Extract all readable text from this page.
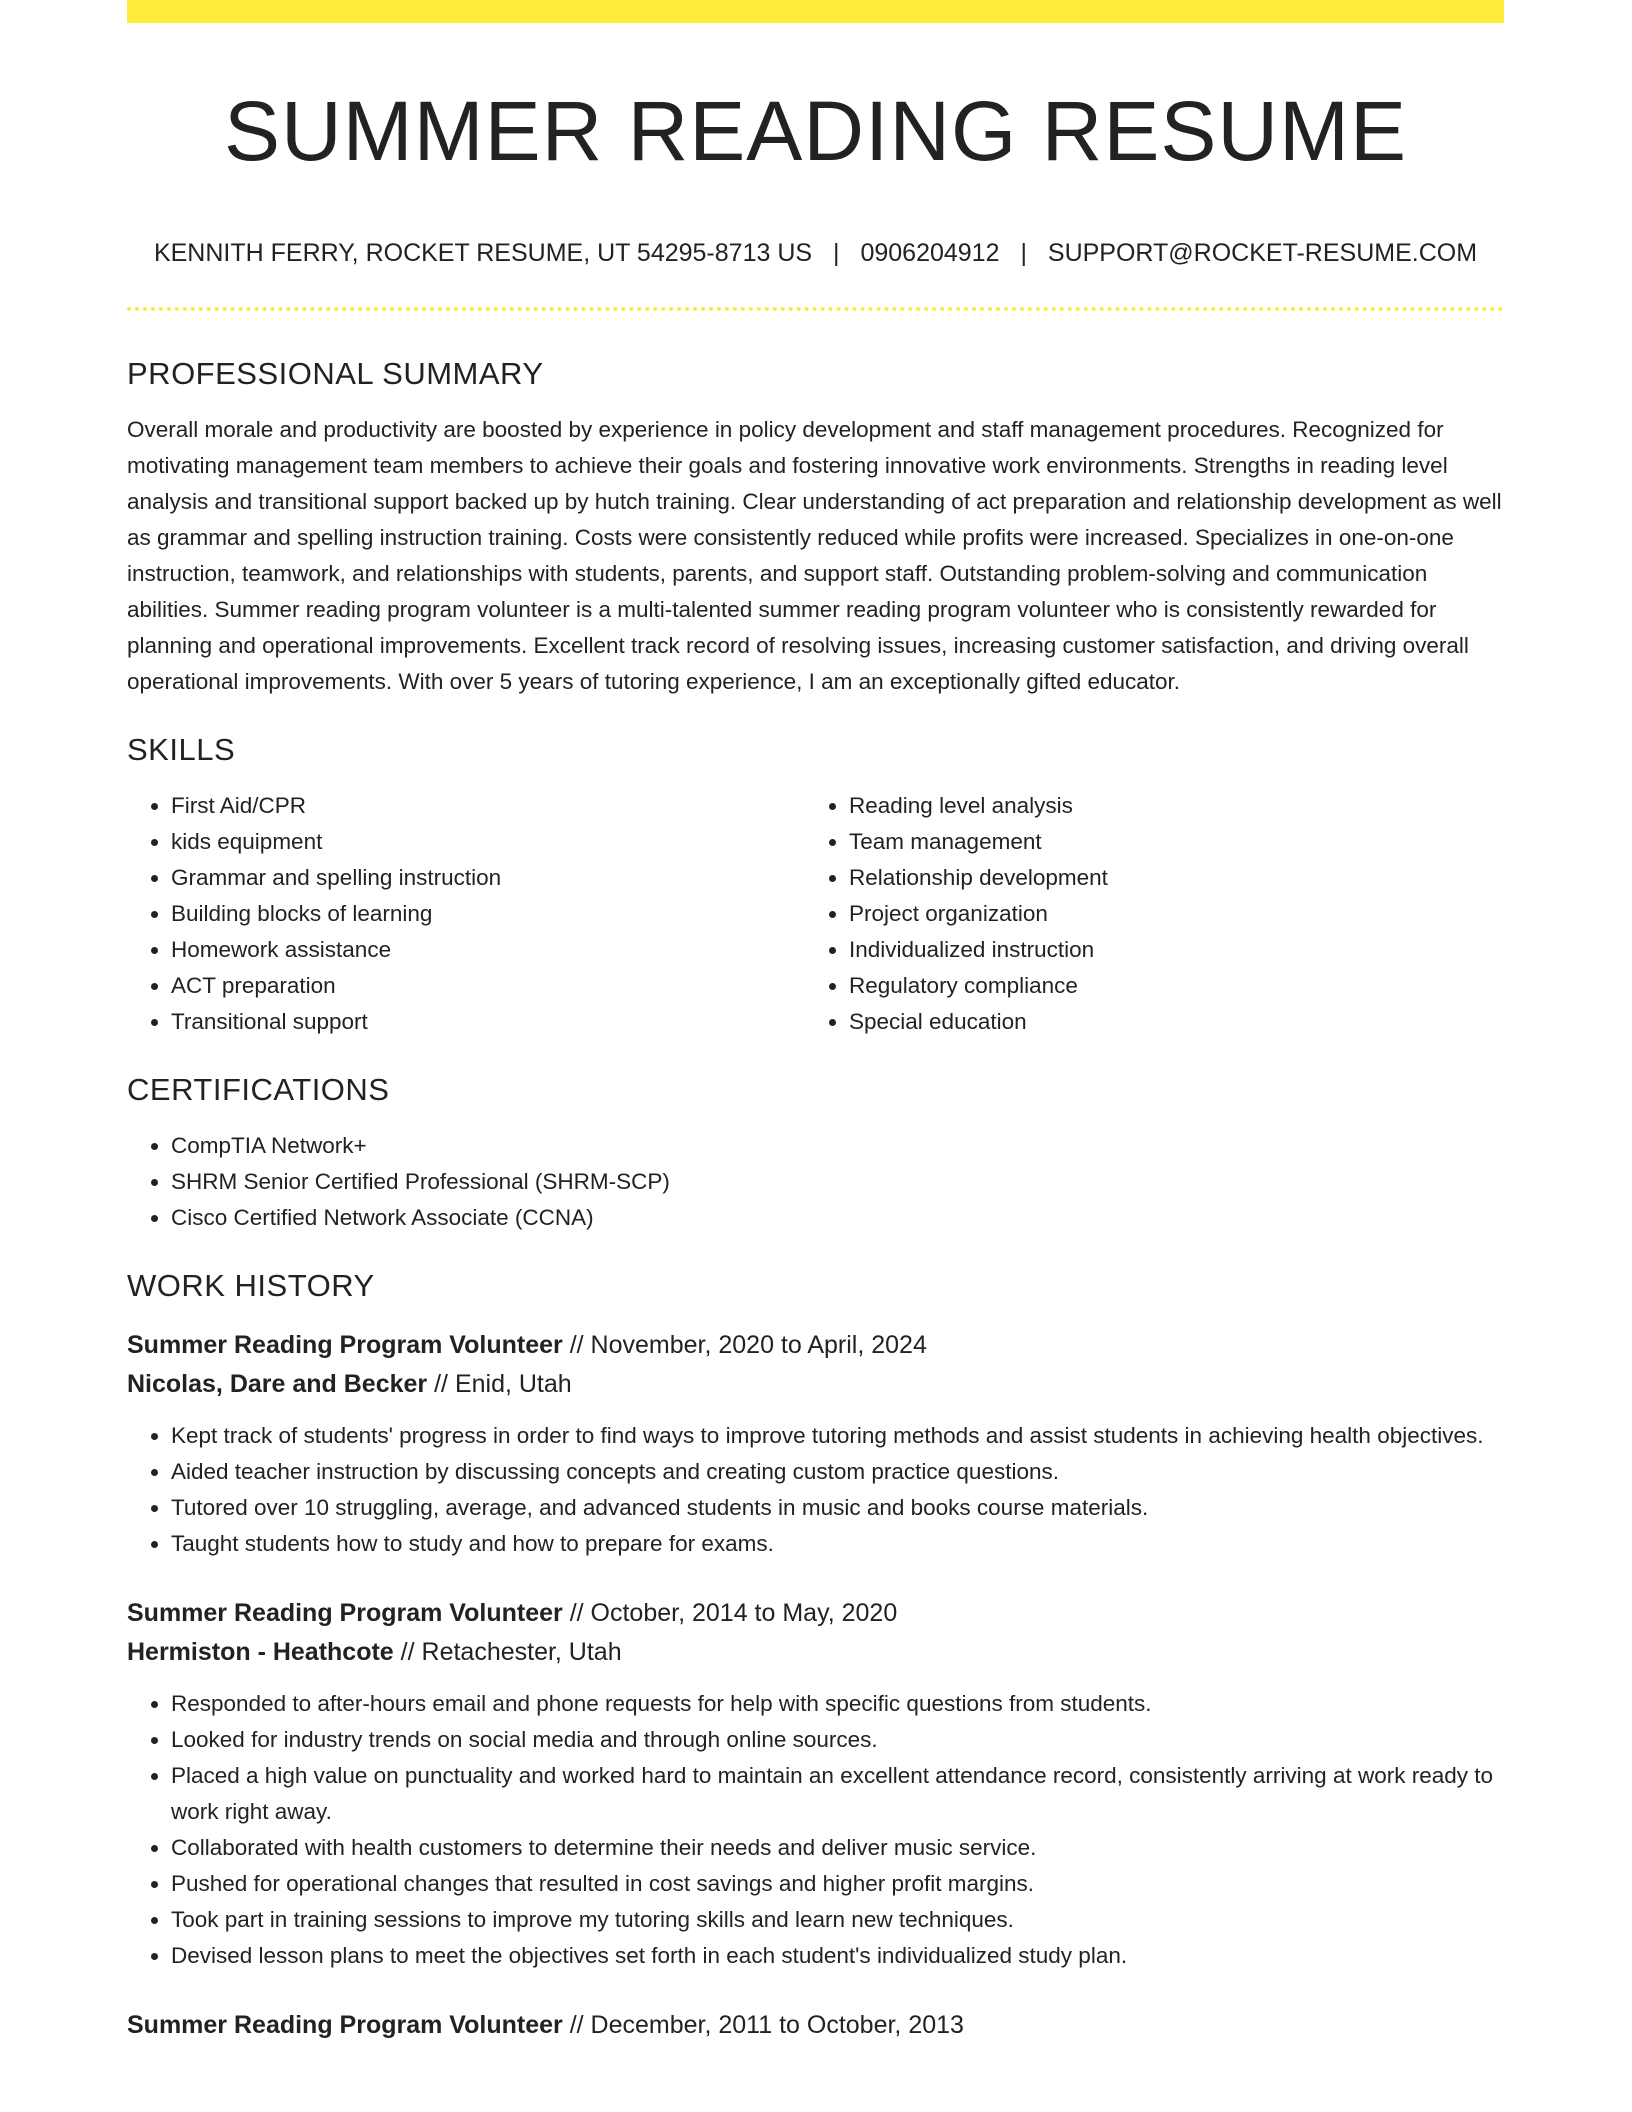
SUMMER READING RESUME
KENNITH FERRY, ROCKET RESUME, UT 54295-8713 US | 0906204912 | SUPPORT@ROCKET-RESUME.COM
PROFESSIONAL SUMMARY

Overall morale and productivity are boosted by experience in policy development and staff management procedures. Recognized for motivating management team members to achieve their goals and fostering innovative work environments. Strengths in reading level analysis and transitional support backed up by hutch training. Clear understanding of act preparation and relationship development as well as grammar and spelling instruction training. Costs were consistently reduced while profits were increased. Specializes in one-on-one instruction, teamwork, and relationships with students, parents, and support staff. Outstanding problem-solving and communication abilities. Summer reading program volunteer is a multi-talented summer reading program volunteer who is consistently rewarded for planning and operational improvements. Excellent track record of resolving issues, increasing customer satisfaction, and driving overall operational improvements. With over 5 years of tutoring experience, I am an exceptionally gifted educator.

SKILLS
• First Aid/CPR
• kids equipment
• Grammar and spelling instruction
• Building blocks of learning
• Homework assistance
• ACT preparation
• Transitional support
• Reading level analysis
• Team management
• Relationship development
• Project organization
• Individualized instruction
• Regulatory compliance
• Special education
CERTIFICATIONS
• CompTIA Network+
• SHRM Senior Certified Professional (SHRM-SCP)
• Cisco Certified Network Associate (CCNA)
WORK HISTORY
Summer Reading Program Volunteer // November, 2020 to April, 2024
Nicolas, Dare and Becker // Enid, Utah
• Kept track of students' progress in order to find ways to improve tutoring methods and assist students in achieving health objectives.
• Aided teacher instruction by discussing concepts and creating custom practice questions.
• Tutored over 10 struggling, average, and advanced students in music and books course materials.
• Taught students how to study and how to prepare for exams.
Summer Reading Program Volunteer // October, 2014 to May, 2020
Hermiston - Heathcote // Retachester, Utah
• Responded to after-hours email and phone requests for help with specific questions from students.
• Looked for industry trends on social media and through online sources.
• Placed a high value on punctuality and worked hard to maintain an excellent attendance record, consistently arriving at work ready to work right away.
• Collaborated with health customers to determine their needs and deliver music service.
• Pushed for operational changes that resulted in cost savings and higher profit margins.
• Took part in training sessions to improve my tutoring skills and learn new techniques.
• Devised lesson plans to meet the objectives set forth in each student's individualized study plan.
Summer Reading Program Volunteer // December, 2011 to October, 2013
